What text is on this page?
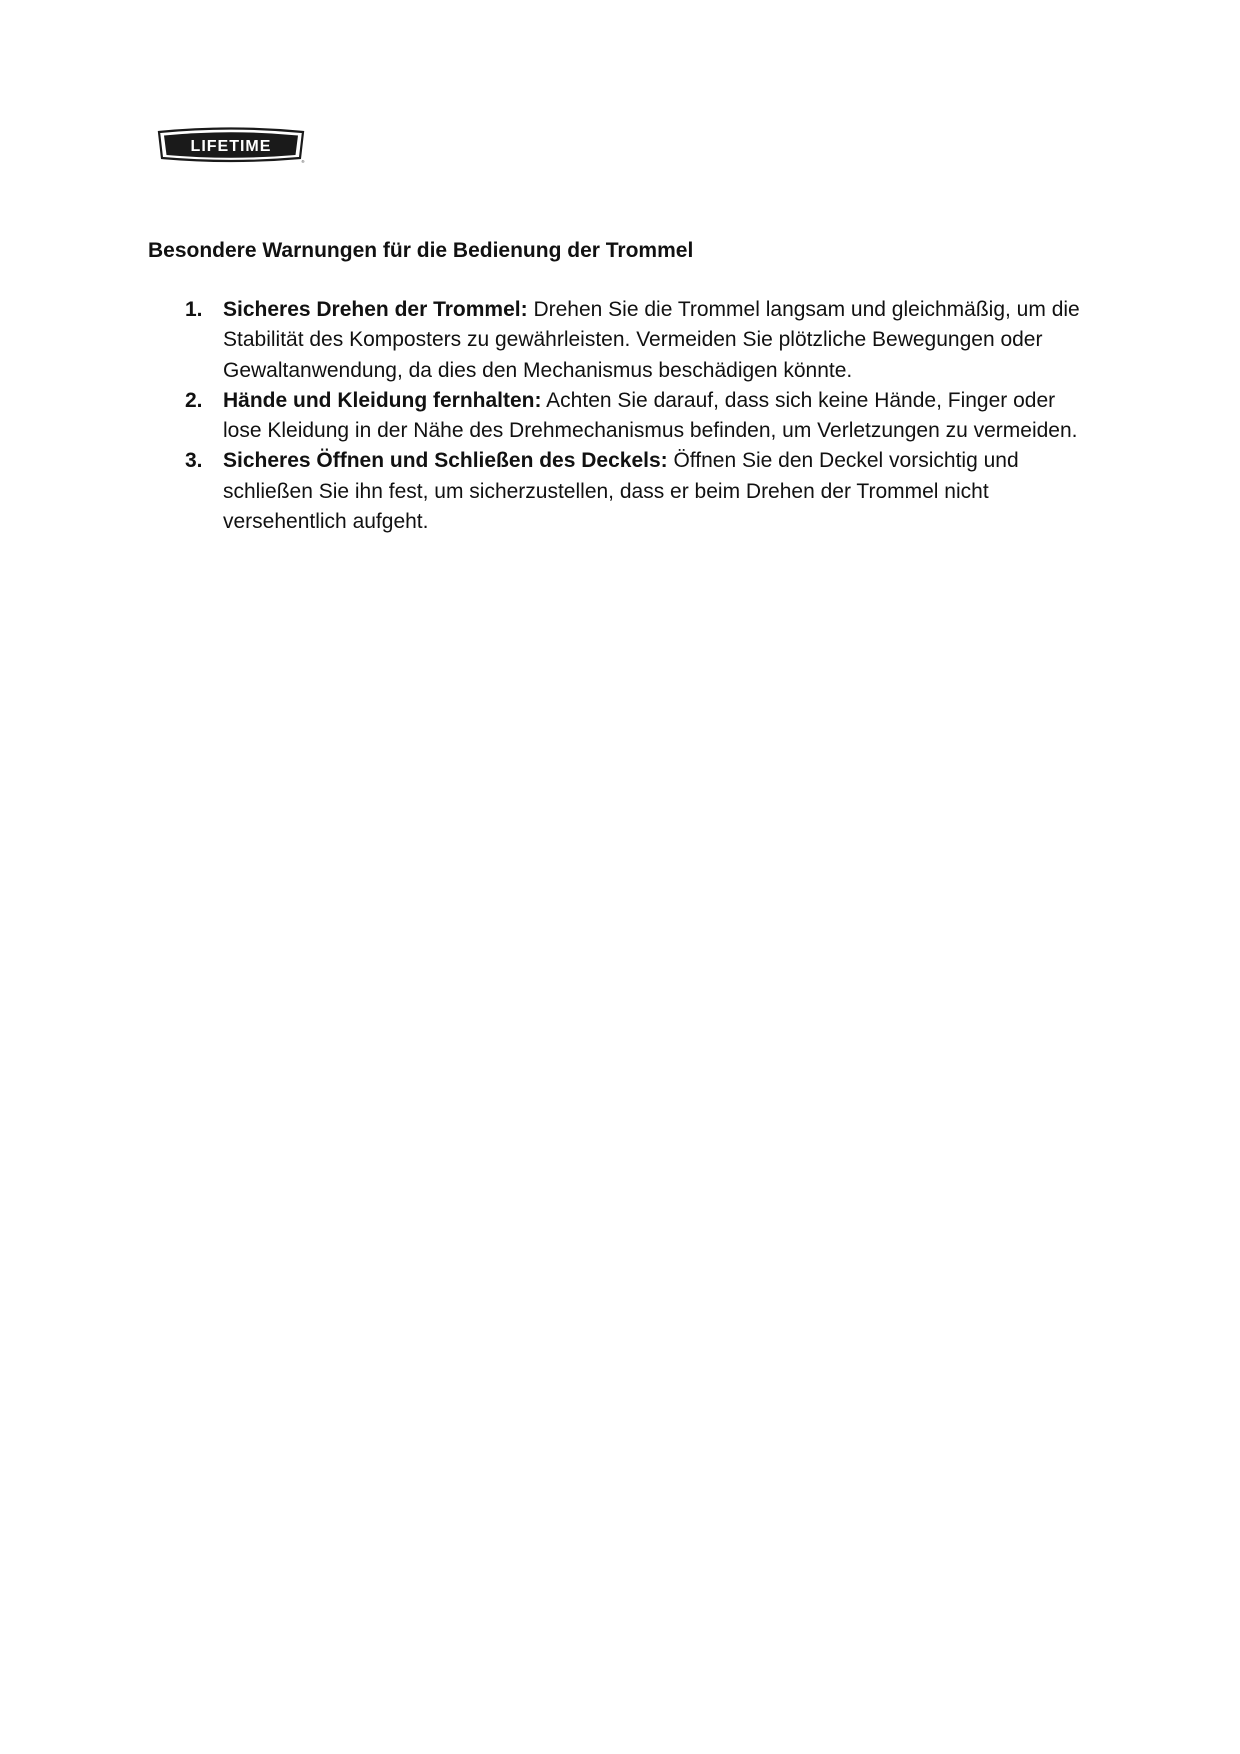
LIFETIME
®
Besondere Warnungen für die Bedienung der Trommel
1. Sicheres Drehen der Trommel: Drehen Sie die Trommel langsam und gleichmäßig, um die Stabilität des Komposters zu gewährleisten. Vermeiden Sie plötzliche Bewegungen oder Gewaltanwendung, da dies den Mechanismus beschädigen könnte.
2. Hände und Kleidung fernhalten: Achten Sie darauf, dass sich keine Hände, Finger oder lose Kleidung in der Nähe des Drehmechanismus befinden, um Verletzungen zu vermeiden.
3. Sicheres Öffnen und Schließen des Deckels: Öffnen Sie den Deckel vorsichtig und schließen Sie ihn fest, um sicherzustellen, dass er beim Drehen der Trommel nicht versehentlich aufgeht.
